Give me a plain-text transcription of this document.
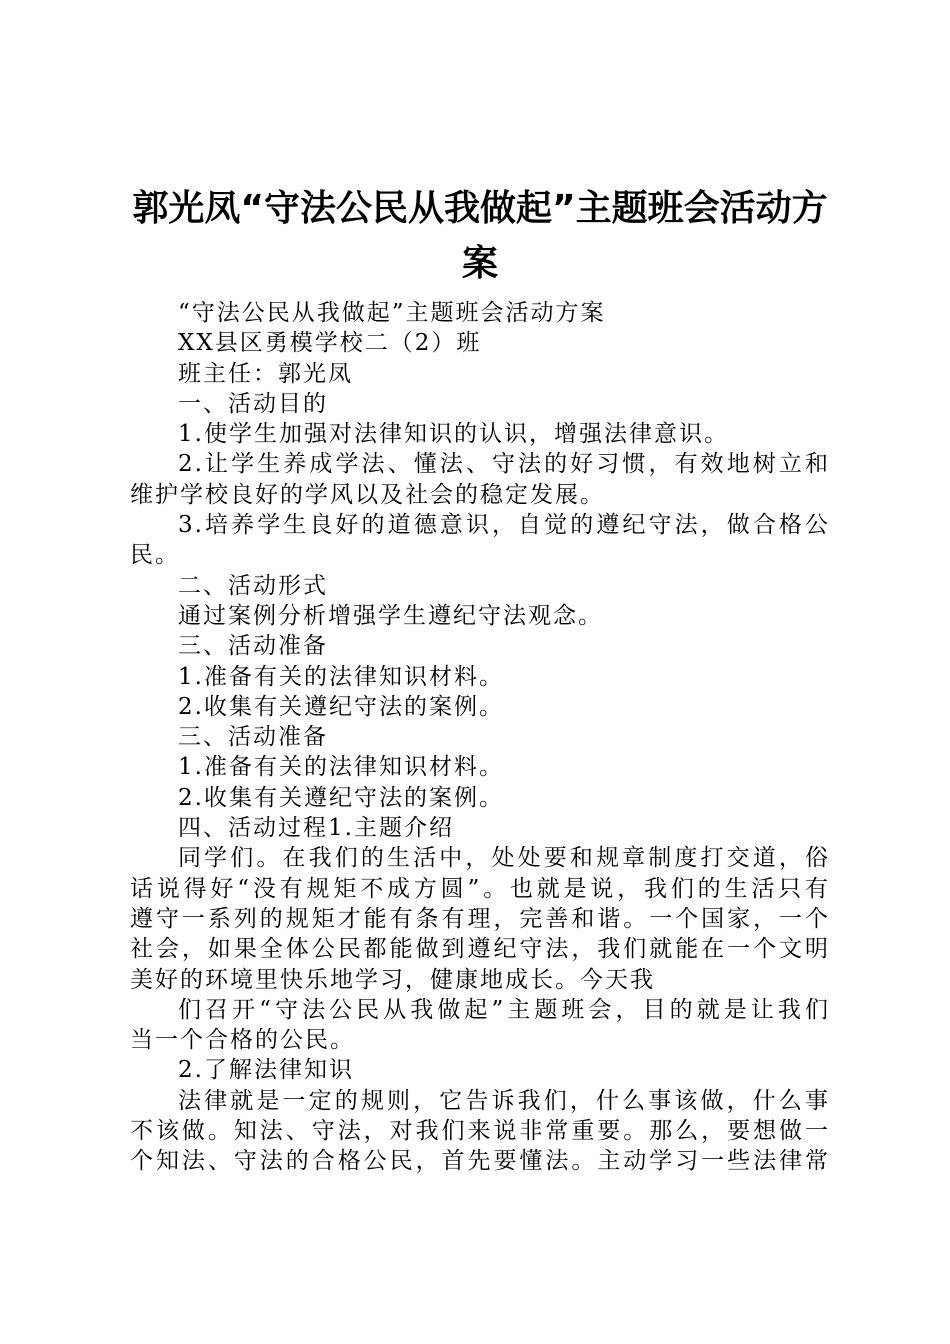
郭光凤“守法公民从我做起”主题班会活动方
案
“守法公民从我做起”主题班会活动方案
XX县区勇模学校二（2）班
班主任：郭光凤
一、活动目的
1.使学生加强对法律知识的认识，增强法律意识。
2.让学生养成学法、懂法、守法的好习惯，有效地树立和
维护学校良好的学风以及社会的稳定发展。
3.培养学生良好的道德意识，自觉的遵纪守法，做合格公
民。
二、活动形式
通过案例分析增强学生遵纪守法观念。
三、活动准备
1.准备有关的法律知识材料。
2.收集有关遵纪守法的案例。
三、活动准备
1.准备有关的法律知识材料。
2.收集有关遵纪守法的案例。
四、活动过程1.主题介绍
同学们。在我们的生活中，处处要和规章制度打交道，俗
话说得好“没有规矩不成方圆”。也就是说，我们的生活只有
遵守一系列的规矩才能有条有理，完善和谐。一个国家，一个
社会，如果全体公民都能做到遵纪守法，我们就能在一个文明
美好的环境里快乐地学习，健康地成长。今天我
们召开“守法公民从我做起”主题班会，目的就是让我们
当一个合格的公民。
2.了解法律知识
法律就是一定的规则，它告诉我们，什么事该做，什么事
不该做。知法、守法，对我们来说非常重要。那么，要想做一
个知法、守法的合格公民，首先要懂法。主动学习一些法律常
